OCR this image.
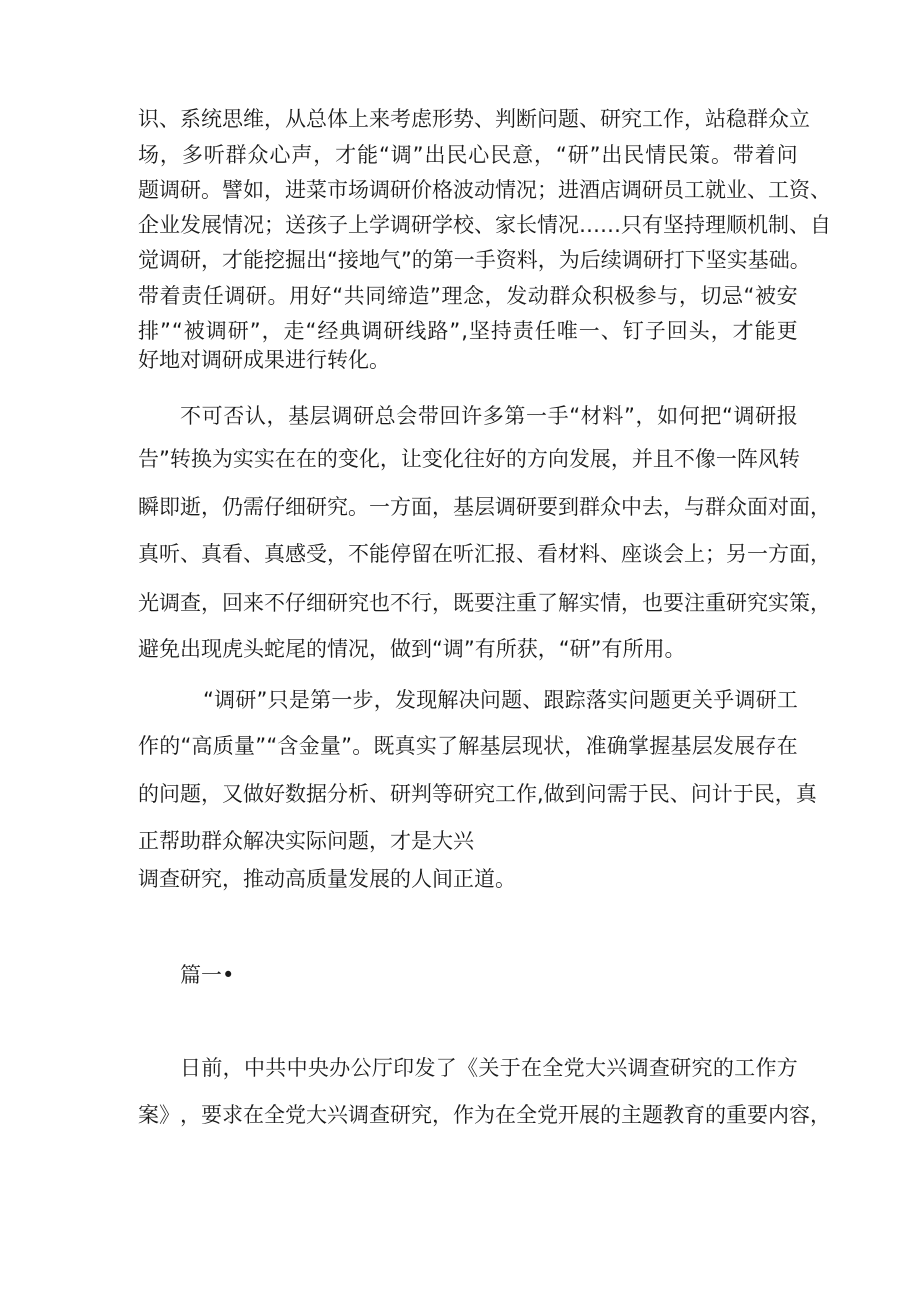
识 、 系 统 思 维 ， 从 总 体 上 来 考 虑 形 势 、 判 断 问 题 、 研 究 工 作 ， 站 稳 群 众 立
场 ， 多 听 群 众 心 声 ， 才 能 “ 调 ” 出 民 心 民 意 ， “ 研 ” 出 民 情 民 策 。 带 着 问
题 调 研 。 譬 如 ， 进 菜 市 场 调 研 价 格 波 动 情 况 ； 进 酒 店 调 研 员 工 就 业 、 工 资 、
企 业 发 展 情 况 ； 送 孩 子 上 学 调 研 学 校 、 家 长 情 况 … … 只 有 坚 持 理 顺 机 制 、 自
觉 调 研 ， 才 能 挖 掘 出 “ 接 地 气 ” 的 第 一 手 资 料 ， 为 后 续 调 研 打 下 坚 实 基 础 。
带 着 责 任 调 研 。 用 好 “ 共 同 缔 造 ” 理 念 ， 发 动 群 众 积 极 参 与 ， 切 忌 “ 被 安
排 ” “ 被 调 研 ” ， 走 “ 经 典 调 研 线 路 ” , 坚 持 责 任 唯 一 、 钉 子 回 头 ， 才 能 更
好地对调研成果进行转化。
不 可 否 认 ， 基 层 调 研 总 会 带 回 许 多 第 一 手 “ 材 料 ” ， 如 何 把 “ 调 研 报
告 ” 转 换 为 实 实 在 在 的 变 化 ， 让 变 化 往 好 的 方 向 发 展 ， 并 且 不 像 一 阵 风 转
瞬 即 逝 ， 仍 需 仔 细 研 究 。 一 方 面 ， 基 层 调 研 要 到 群 众 中 去 ， 与 群 众 面 对 面 ，
真 听 、 真 看 、 真 感 受 ， 不 能 停 留 在 听 汇 报 、 看 材 料 、 座 谈 会 上 ； 另 一 方 面 ，
光 调 查 ， 回 来 不 仔 细 研 究 也 不 行 ， 既 要 注 重 了 解 实 情 ， 也 要 注 重 研 究 实 策 ，
避免出现虎头蛇尾的情况，做到“调”有所获，“研”有所用。
“ 调 研 ” 只 是 第 一 步 ， 发 现 解 决 问 题 、 跟 踪 落 实 问 题 更 关 乎 调 研 工
作 的 “ 高 质 量 ” “ 含 金 量 ” 。 既 真 实 了 解 基 层 现 状 ， 准 确 掌 握 基 层 发 展 存 在
的 问 题 ， 又 做 好 数 据 分 析 、 研 判 等 研 究 工 作 , 做 到 问 需 于 民 、 问 计 于 民 ， 真
正帮助群众解决实际问题，才是大兴
调查研究，推动高质量发展的人间正道。
篇一•
日 前 ， 中 共 中 央 办 公 厅 印 发 了 《 关 于 在 全 党 大 兴 调 查 研 究 的 工 作 方
案 》 ， 要 求 在 全 党 大 兴 调 查 研 究 ， 作 为 在 全 党 开 展 的 主 题 教 育 的 重 要 内 容 ，
